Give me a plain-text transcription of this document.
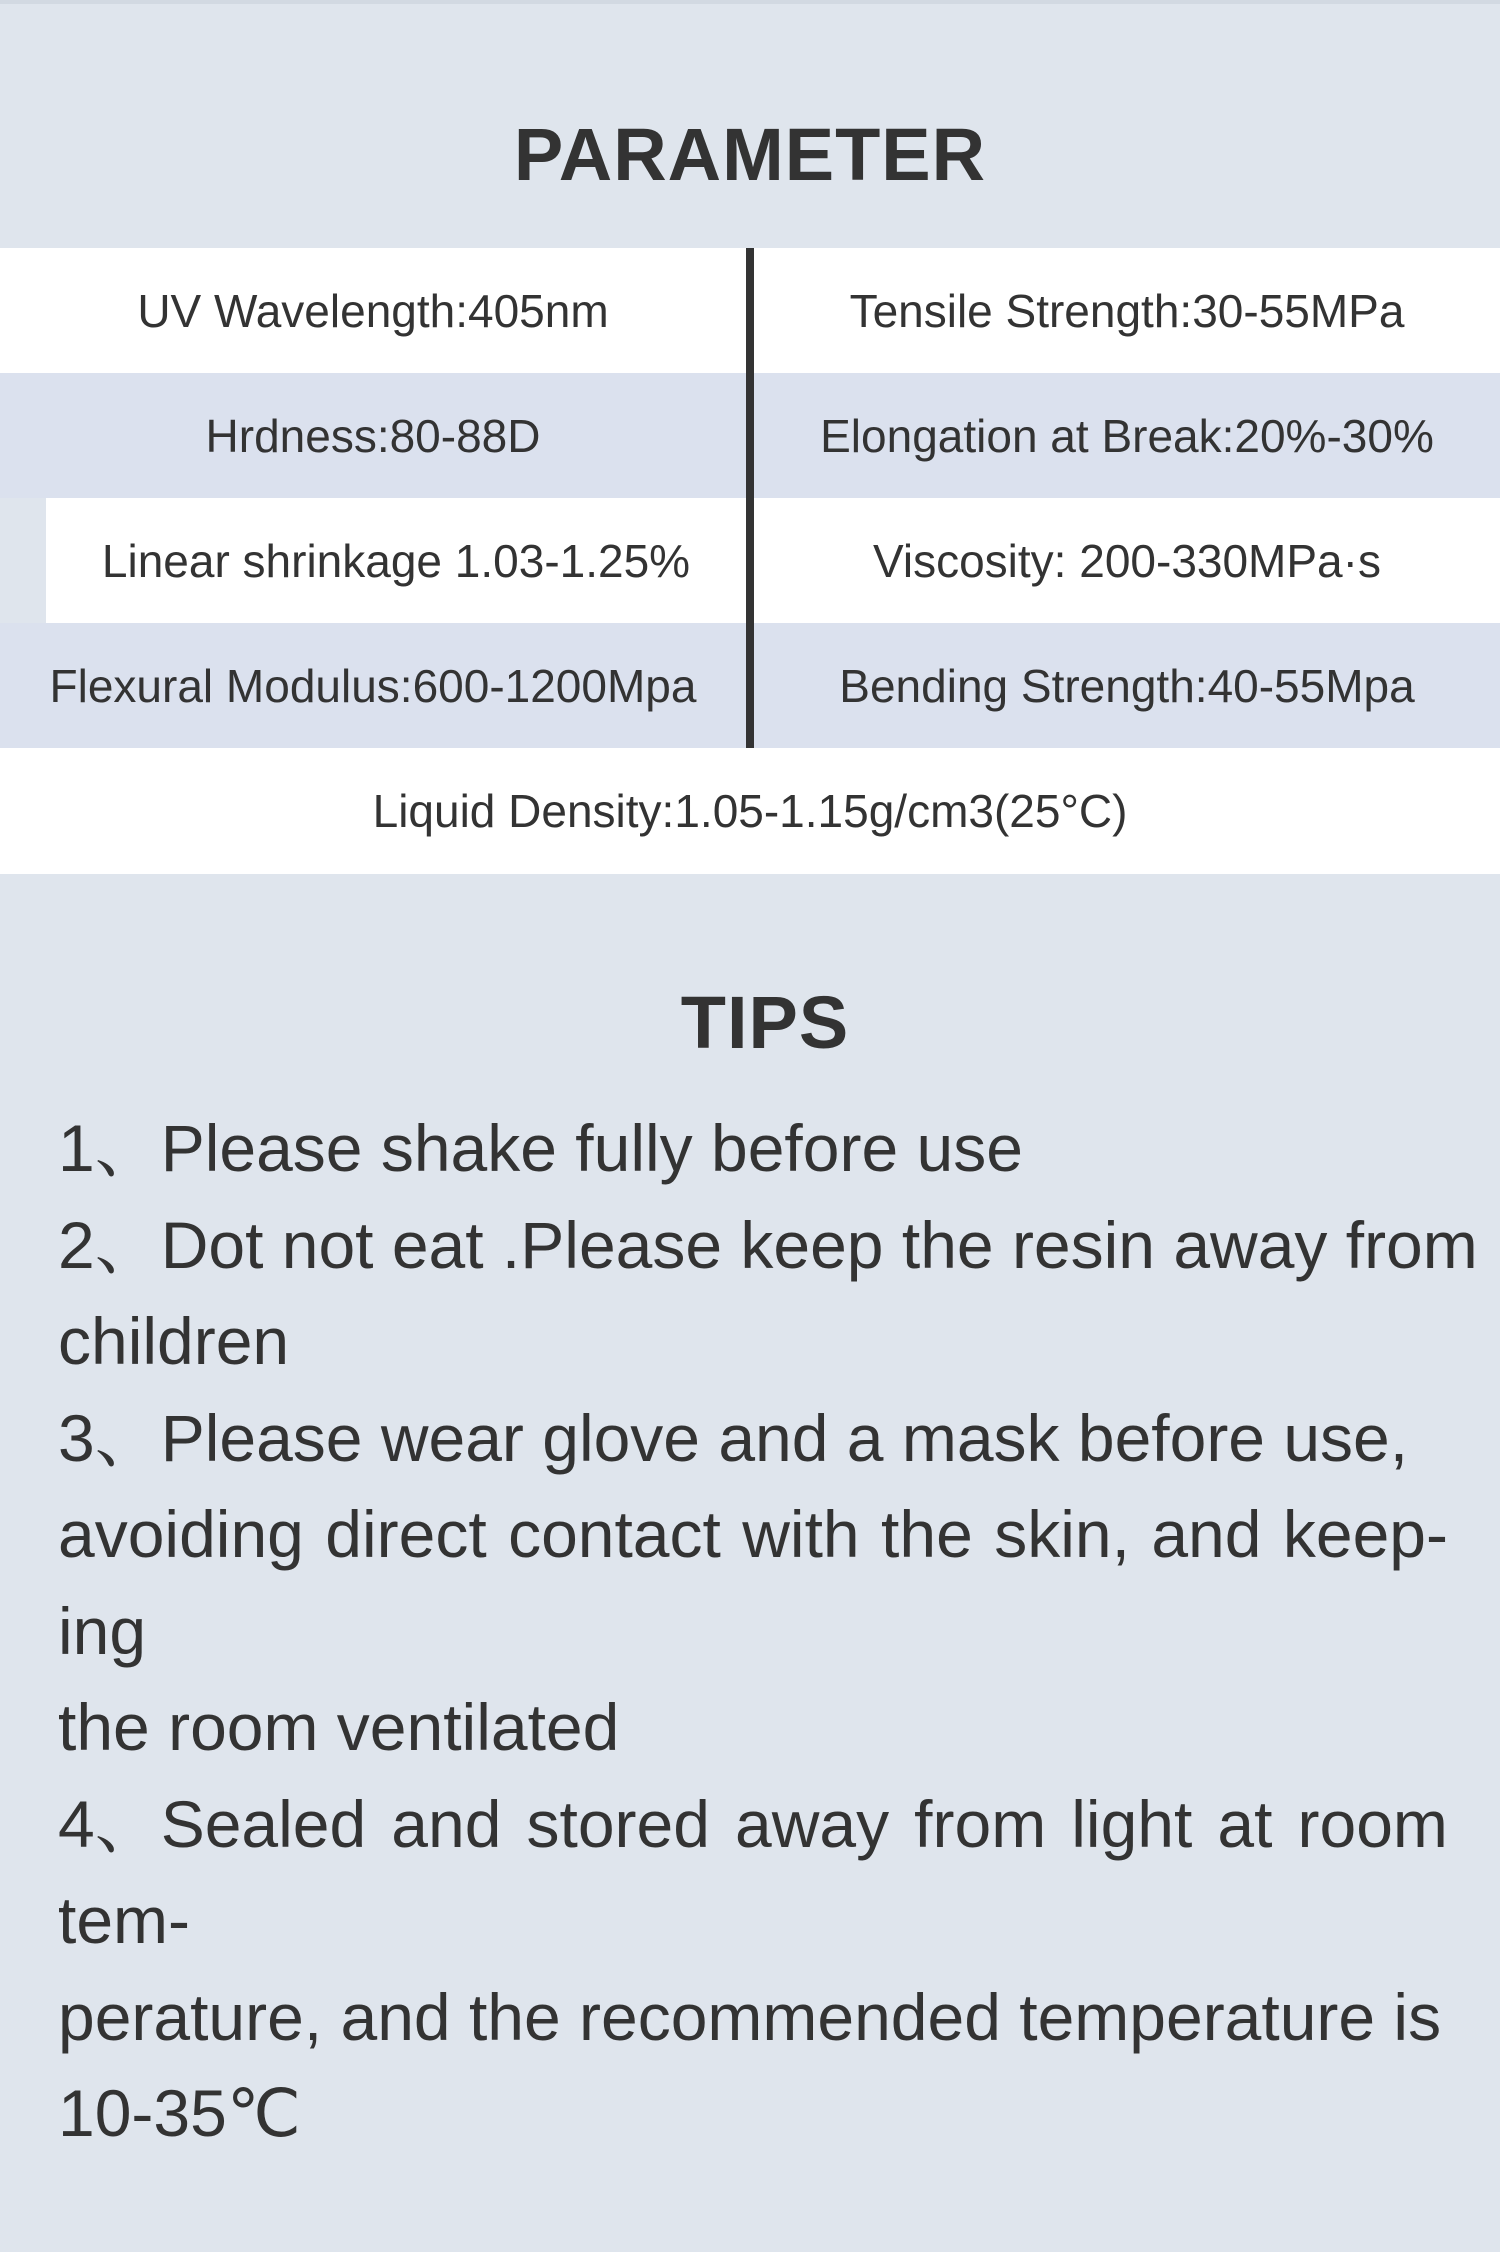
PARAMETER
UV Wavelength:405nm	Tensile Strength:30-55MPa
Hrdness:80-88D	Elongation at Break:20%-30%
Linear shrinkage 1.03-1.25%	Viscosity: 200-330MPa·s
Flexural Modulus:600-1200Mpa	Bending Strength:40-55Mpa
Liquid Density:1.05-1.15g/cm3(25°C)
TIPS
1、Please shake fully before use
2、Dot not eat .Please keep the resin away from
children
3、Please wear glove and a mask before use,
avoiding direct contact with the skin, and keep-
ing
the room ventilated
4、Sealed and stored away from light at room
tem-
perature, and the recommended temperature is
10-35℃
